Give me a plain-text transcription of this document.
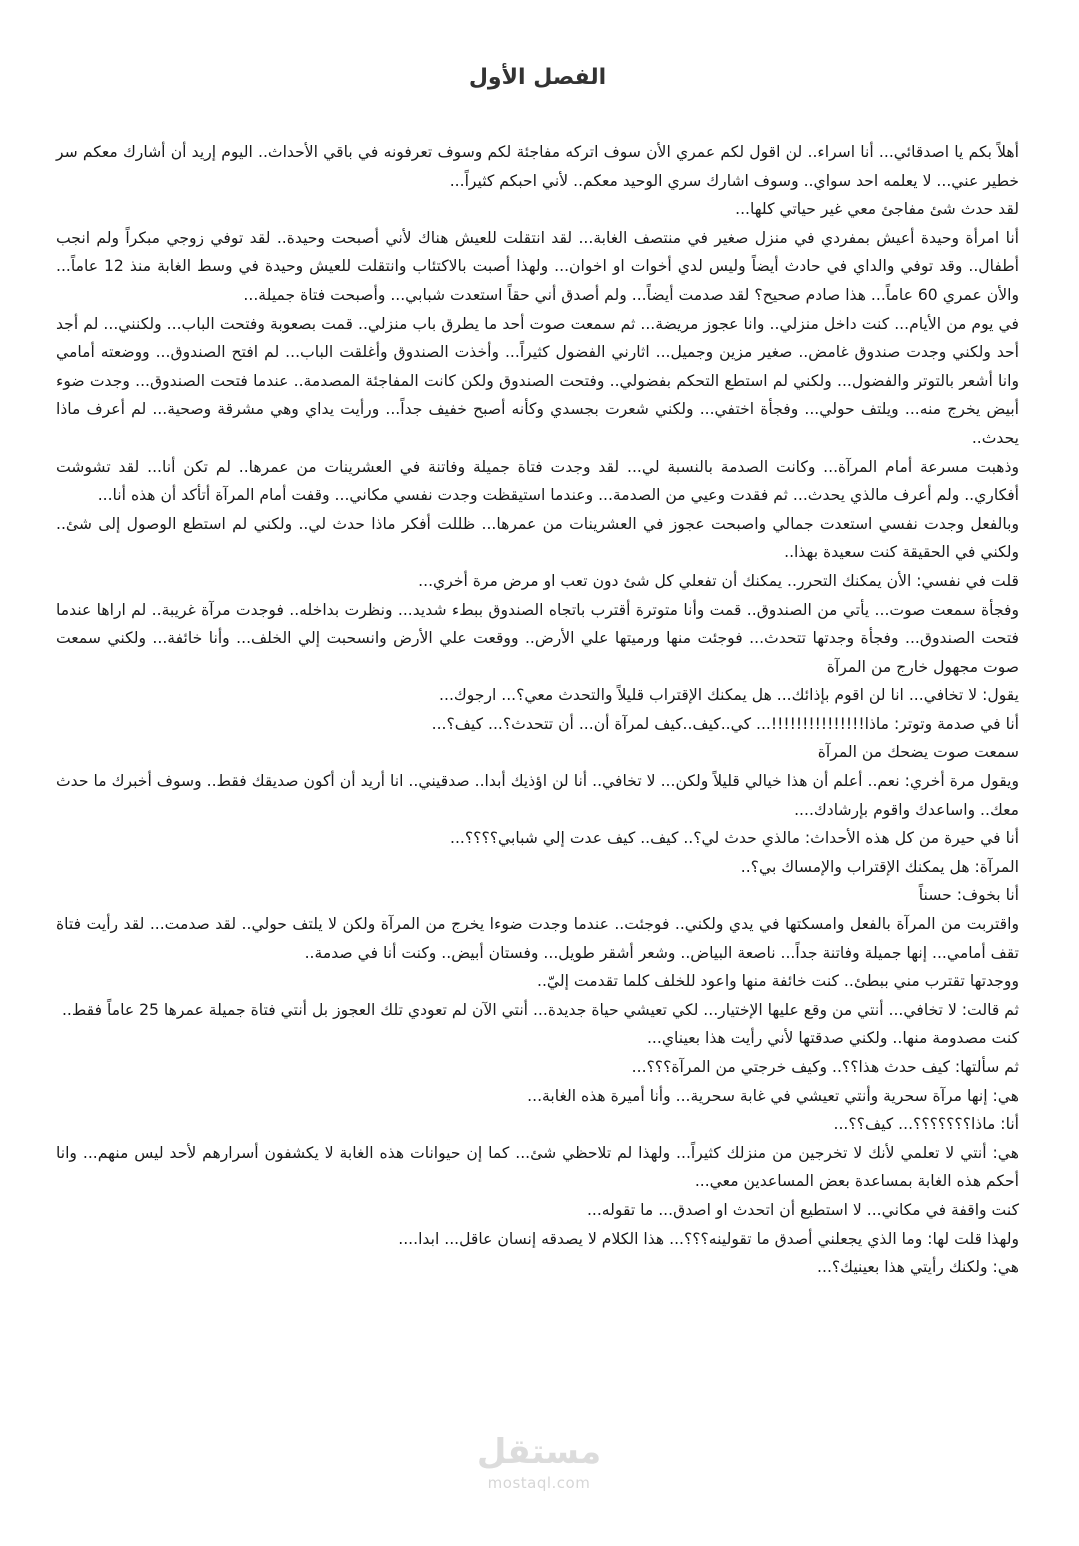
الفصل الأول

أهلاً بكم يا اصدقائي... أنا اسراء.. لن اقول لكم عمري الأن سوف اتركه مفاجئة لكم وسوف تعرفونه في باقي الأحداث.. اليوم إريد أن أشارك معكم سر خطير عني... لا يعلمه احد سواي.. وسوف اشارك سري الوحيد معكم.. لأني احبكم كثيراً...

لقد حدث شئ مفاجئ معي غير حياتي كلها...

أنا امرأة وحيدة أعيش بمفردي في منزل صغير في منتصف الغابة... لقد انتقلت للعيش هناك لأني أصبحت وحيدة.. لقد توفي زوجي مبكراً ولم انجب أطفال.. وقد توفي والداي في حادث أيضاً وليس لدي أخوات او اخوان... ولهذا أصبت بالاكتئاب وانتقلت للعيش وحيدة في وسط الغابة منذ 12 عاماً... والأن عمري 60 عاماً... هذا صادم صحيح؟ لقد صدمت أيضاً... ولم أصدق أني حقاً استعدت شبابي... وأصبحت فتاة جميلة...

في يوم من الأيام... كنت داخل منزلي.. وانا عجوز مريضة... ثم سمعت صوت أحد ما يطرق باب منزلي.. قمت بصعوبة وفتحت الباب... ولكنني... لم أجد أحد ولكني وجدت صندوق غامض.. صغير مزين وجميل... اثارني الفضول كثيراً... وأخذت الصندوق وأغلقت الباب... لم افتح الصندوق... ووضعته أمامي وانا أشعر بالتوتر والفضول... ولكني لم استطع التحكم بفضولي.. وفتحت الصندوق ولكن كانت المفاجئة المصدمة.. عندما فتحت الصندوق... وجدت ضوء أبيض يخرج منه... ويلتف حولي... وفجأة اختفي... ولكني شعرت بجسدي وكأنه أصبح خفيف جداً... ورأيت يداي وهي مشرقة وصحية... لم أعرف ماذا يحدث..

وذهبت مسرعة أمام المرآة... وكانت الصدمة بالنسبة لي... لقد وجدت فتاة جميلة وفاتنة في العشرينات من عمرها.. لم تكن أنا... لقد تشوشت أفكاري.. ولم أعرف مالذي يحدث... ثم فقدت وعيي من الصدمة... وعندما استيقظت وجدت نفسي مكاني... وقفت أمام المرآة أتأكد أن هذه أنا...

وبالفعل وجدت نفسي استعدت جمالي واصبحت عجوز في العشرينات من عمرها... ظللت أفكر ماذا حدث لي.. ولكني لم استطع الوصول إلى شئ.. ولكني في الحقيقة كنت سعيدة بهذا..

قلت في نفسي: الأن يمكنك التحرر.. يمكنك أن تفعلي كل شئ دون تعب او مرض مرة أخري...

وفجأة سمعت صوت... يأتي من الصندوق.. قمت وأنا متوترة أقترب باتجاه الصندوق ببطء شديد... ونظرت بداخله.. فوجدت مرآة غريبة.. لم اراها عندما فتحت الصندوق... وفجأة وجدتها تتحدث... فوجئت منها ورميتها علي الأرض.. ووقعت علي الأرض وانسحبت إلي الخلف... وأنا خائفة... ولكني سمعت صوت مجهول خارج من المرآة

يقول: لا تخافي... انا لن اقوم بإذائك... هل يمكنك الإقتراب قليلاً والتحدث معي؟... ارجوك...

أنا في صدمة وتوتر: ماذا!!!!!!!!!!!!!!!... كي..كيف..كيف لمرآة أن... أن تتحدث؟... كيف؟...

سمعت صوت يضحك من المرآة

ويقول مرة أخري: نعم.. أعلم أن هذا خيالي قليلاً ولكن... لا تخافي.. أنا لن اؤذيك أبدا.. صدقيني.. انا أريد أن أكون صديقك فقط.. وسوف أخبرك ما حدث معك.. واساعدك واقوم بإرشادك....

أنا في حيرة من كل هذه الأحداث: مالذي حدث لي؟.. كيف.. كيف عدت إلي شبابي؟؟؟؟...

المرآة: هل يمكنك الإقتراب والإمساك بي؟..

أنا بخوف: حسناً

واقتربت من المرآة بالفعل وامسكتها في يدي ولكني.. فوجئت.. عندما وجدت ضوءا يخرج من المرآة ولكن لا يلتف حولي.. لقد صدمت... لقد رأيت فتاة تقف أمامي... إنها جميلة وفاتنة جداً... ناصعة البياض.. وشعر أشقر طويل... وفستان أبيض.. وكنت أنا في صدمة..

ووجدتها تقترب مني ببطئ.. كنت خائفة منها واعود للخلف كلما تقدمت إليّ..

ثم قالت: لا تخافي... أنتي من وقع عليها الإختيار... لكي تعيشي حياة جديدة... أنتي الآن لم تعودي تلك العجوز بل أنتي فتاة جميلة عمرها 25 عاماً فقط..

كنت مصدومة منها.. ولكني صدقتها لأني رأيت هذا بعيناي...

ثم سألتها: كيف حدث هذا؟؟.. وكيف خرجتي من المرآة؟؟؟...

هي: إنها مرآة سحرية وأنتي تعيشي في غابة سحرية... وأنا أميرة هذه الغابة...

أنا: ماذا؟؟؟؟؟؟؟... كيف؟؟...

هي: أنتي لا تعلمي لأنك لا تخرجين من منزلك كثيراً... ولهذا لم تلاحظي شئ... كما إن حيوانات هذه الغابة لا يكشفون أسرارهم لأحد ليس منهم... وانا أحكم هذه الغابة بمساعدة بعض المساعدين معي...

كنت واقفة في مكاني... لا استطيع أن اتحدث او اصدق... ما تقوله...

ولهذا قلت لها: وما الذي يجعلني أصدق ما تقولينه؟؟؟... هذا الكلام لا يصدقه إنسان عاقل... ابدا....

هي: ولكنك رأيتي هذا بعينيك؟...

مستقل
mostaql.com
